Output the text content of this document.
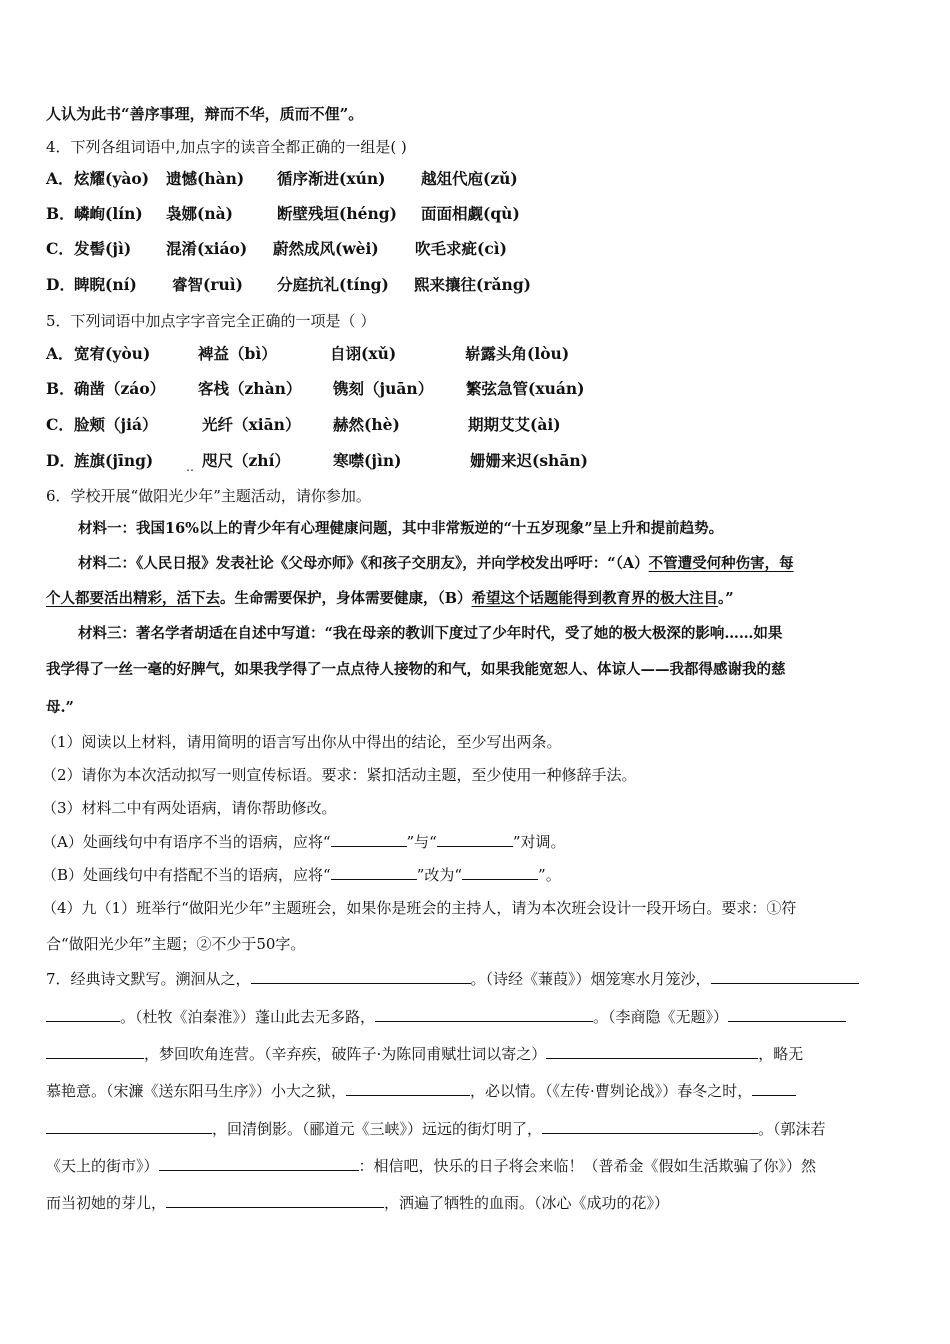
人认为此书“善序事理，辩而不华，质而不俚”。
4．下列各组词语中,加点字的读音全都正确的一组是( )
A． 炫耀(yào) 遗憾(hàn) 循序渐进(xún) 越俎代庖(zǔ)
B． 嶙峋(lín) 袅娜(nà)	断壁残垣(héng) 面面相觑(qù)
C． 发髻(jì) 混淆(xiáo) 蔚然成风(wèi) 吹毛求疵(cì)
D． 睥睨(ní) 睿智(ruì) 分庭抗礼(tíng) 熙来攘往(rǎng)
5．下列词语中加点字字音完全正确的一项是（ ）
A． 宽宥(yòu)	裨益（bì）	自诩(xǔ)	崭露头角(lòu)
B． 确凿（záo） 客栈（zhàn） 镌刻（juān） 繁弦急管(xuán)
C． 脸颊（jiá）	光纤（xiān） 赫然(hè)	期期艾艾(ài)
D． 旌旗(jīng)	咫尺（zhí）	寒噤(jìn)	姗姗来迟(shān)
‥
6．学校开展“做阳光少年”主题活动，请你参加。
材料一：我国16%以上的青少年有心理健康问题，其中非常叛逆的“十五岁现象”呈上升和提前趋势。
材料二：《人民日报》发表社论《父母亦师》《和孩子交朋友》，并向学校发出呼吁：“（A）不管遭受何种伤害，每
个人都要活出精彩，活下去。生命需要保护，身体需要健康，（B）希望这个话题能得到教育界的极大注目。”
材料三：著名学者胡适在自述中写道：“我在母亲的教训下度过了少年时代，受了她的极大极深的影响……如果
我学得了一丝一毫的好脾气，如果我学得了一点点待人接物的和气，如果我能宽恕人、体谅人——我都得感谢我的慈
母.”
（1）阅读以上材料，请用简明的语言写出你从中得出的结论，至少写出两条。
（2）请你为本次活动拟写一则宣传标语。要求：紧扣活动主题，至少使用一种修辞手法。
（3）材料二中有两处语病，请你帮助修改。
（A）处画线句中有语序不当的语病，应将“	”与“	”对调。
（B）处画线句中有搭配不当的语病，应将“	”改为“	”。
（4）九（1）班举行“做阳光少年”主题班会，如果你是班会的主持人，请为本次班会设计一段开场白。要求：①符
合“做阳光少年”主题；②不少于50字。
7．经典诗文默写。溯洄从之，	。（诗经《蒹葭》）烟笼寒水月笼沙，
。（杜牧《泊秦淮》）蓬山此去无多路，	。（李商隐《无题》）
，梦回吹角连营。（辛弃疾，破阵子·为陈同甫赋壮词以寄之）	，略无
慕艳意。（宋濂《送东阳马生序》）小大之狱，	，必以情。（《左传·曹刿论战》）春冬之时，
，回清倒影。（郦道元《三峡》）远远的街灯明了，	。（郭沫若
《天上的街市》）	：相信吧，快乐的日子将会来临！（普希金《假如生活欺骗了你》）然
而当初她的芽儿，	，洒遍了牺牲的血雨。（冰心《成功的花》）
